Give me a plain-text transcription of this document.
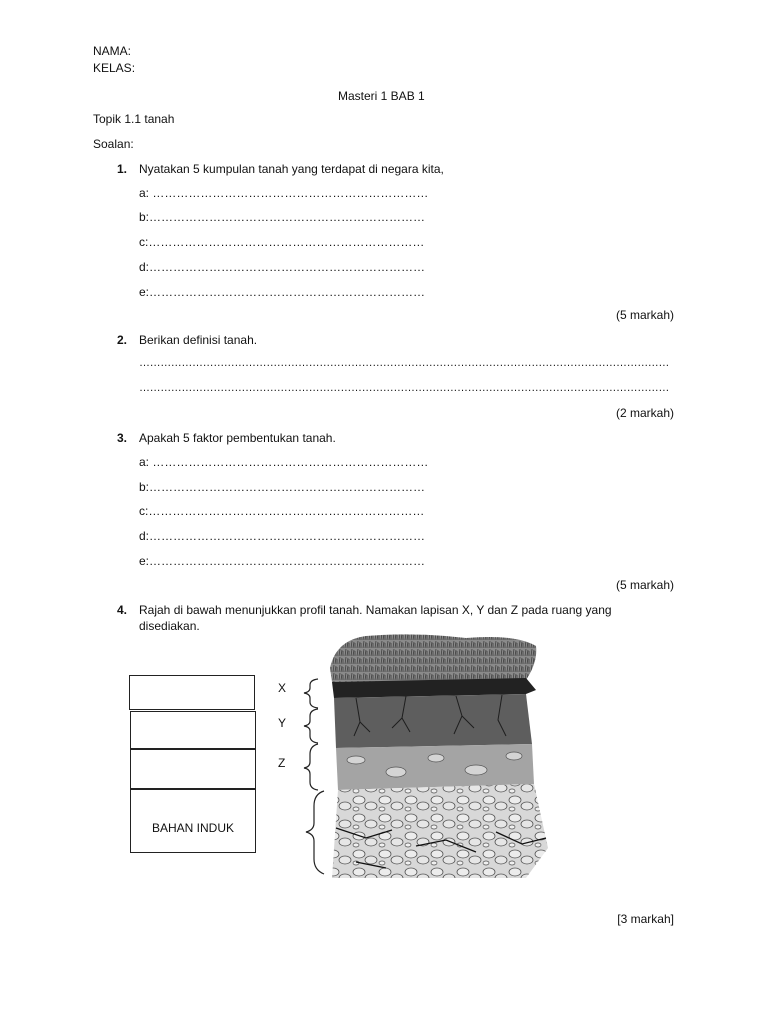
NAMA:
KELAS:
Masteri 1 BAB 1
Topik 1.1 tanah
Soalan:
1. Nyatakan 5 kumpulan tanah yang terdapat di negara kita,
a: ……………………………………………………………
b:……………………………………………………………
c:……………………………………………………………
d:……………………………………………………………
e:……………………………………………………………
(5 markah)
2. Berikan definisi tanah.
……………………………………………………………………………………………………………………………………
……………………………………………………………………………………………………………………………………
(2 markah)
3. Apakah 5 faktor pembentukan tanah.
a: ……………………………………………………………
b:……………………………………………………………
c:……………………………………………………………
d:……………………………………………………………
e:……………………………………………………………
(5 markah)
4. Rajah di bawah menunjukkan profil tanah. Namakan lapisan X, Y dan Z pada ruang yang
disediakan.
BAHAN INDUK
X
Y
Z
[3 markah]
